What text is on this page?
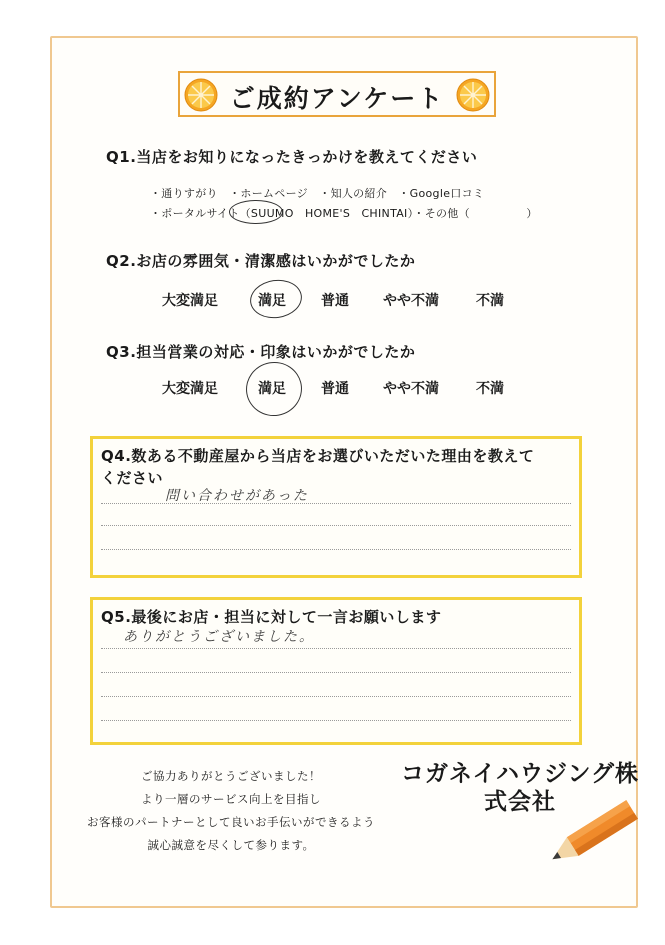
ご成約アンケート
Q1.当店をお知りになったきっかけを教えてください
・通りすがり　・ホームページ　・知人の紹介　・Google口コミ
・ポータルサイト（SUUMO　HOME'S　CHINTAI）・その他（　　　　　）
Q2.お店の雰囲気・清潔感はいかがでしたか
大変満足	満足	普通 やや不満	不満
Q3.担当営業の対応・印象はいかがでしたか
大変満足	満足	普通 やや不満	不満
Q4.数ある不動産屋から当店をお選びいただいた理由を教えて
ください
問い合わせがあった
Q5.最後にお店・担当に対して一言お願いします
ありがとうございました。
ご協力ありがとうございました！
より一層のサービス向上を目指し
お客様のパートナーとして良いお手伝いができるよう
誠心誠意を尽くして参ります。
コガネイハウジング株
式会社
